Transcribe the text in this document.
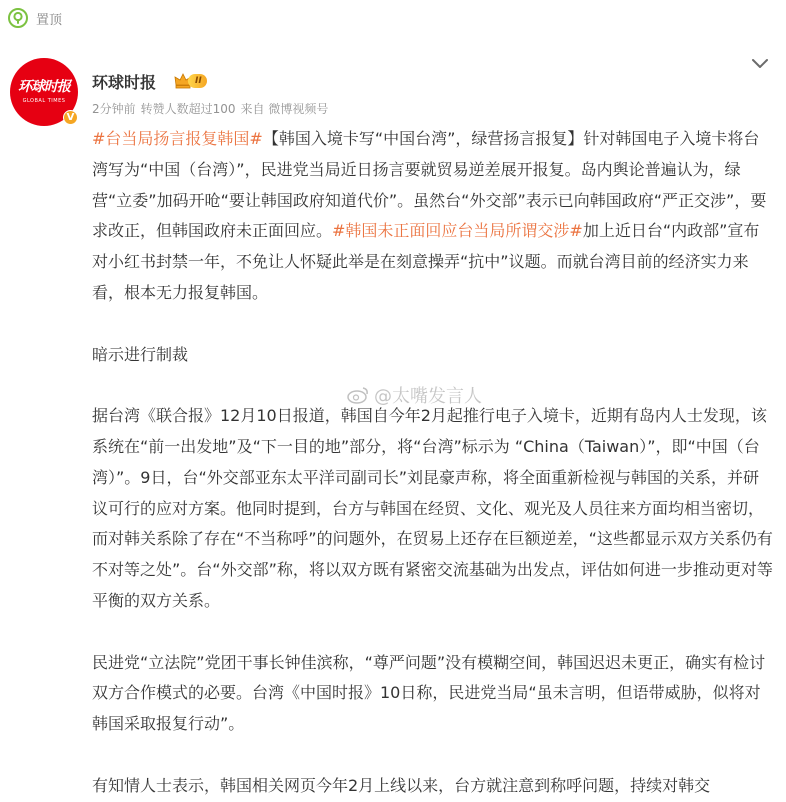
置顶
环球时报
GLOBAL TIMES
V
环球时报	II
2分钟前 转赞人数超过100 来自 微博视频号

#台当局扬言报复韩国#【韩国入境卡写“中国台湾”，绿营扬言报复】针对韩国电子入境卡将台湾写为“中国（台湾）”，民进党当局近日扬言要就贸易逆差展开报复。岛内舆论普遍认为，绿营“立委”加码开呛“要让韩国政府知道代价”。虽然台“外交部”表示已向韩国政府“严正交涉”，要求改正，但韩国政府未正面回应。#韩国未正面回应台当局所谓交涉#加上近日台“内政部”宣布对小红书封禁一年，不免让人怀疑此举是在刻意操弄“抗中”议题。而就台湾目前的经济实力来看，根本无力报复韩国。

暗示进行制裁

据台湾《联合报》12月10日报道，韩国自今年2月起推行电子入境卡，近期有岛内人士发现，该系统在“前一出发地”及“下一目的地”部分，将“台湾”标示为 “China（Taiwan）”，即“中国（台湾）”。9日，台“外交部亚东太平洋司副司长”刘昆豪声称，将全面重新检视与韩国的关系，并研议可行的应对方案。他同时提到，台方与韩国在经贸、文化、观光及人员往来方面均相当密切，而对韩关系除了存在“不当称呼”的问题外，在贸易上还存在巨额逆差，“这些都显示双方关系仍有不对等之处”。台“外交部”称，将以双方既有紧密交流基础为出发点，评估如何进一步推动更对等平衡的双方关系。

民进党“立法院”党团干事长钟佳滨称，“尊严问题”没有模糊空间，韩国迟迟未更正，确实有检讨双方合作模式的必要。台湾《中国时报》10日称，民进党当局“虽未言明，但语带威胁，似将对韩国采取报复行动”。

有知情人士表示，韩国相关网页今年2月上线以来，台方就注意到称呼问题，持续对韩交

@太嘴发言人
